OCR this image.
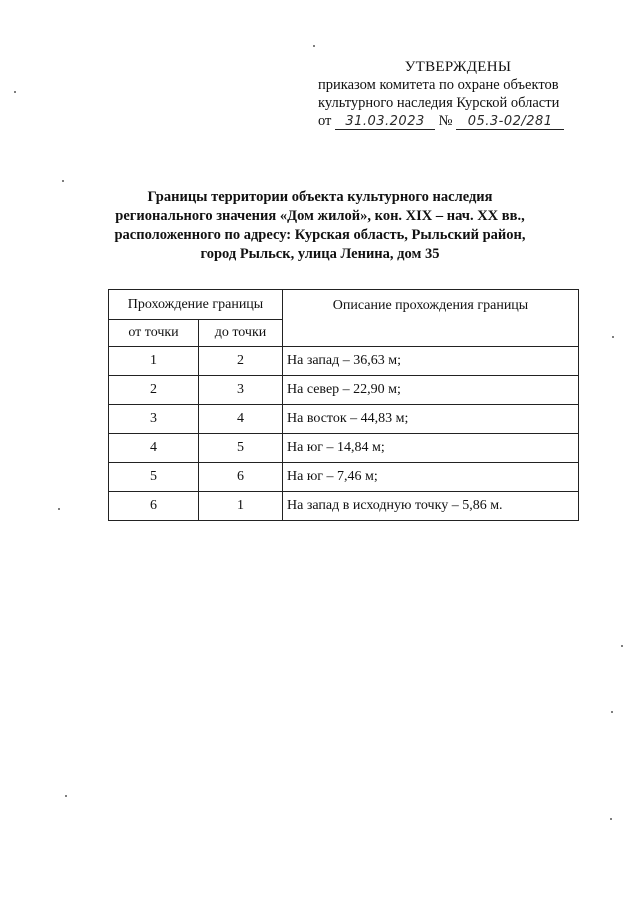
УТВЕРЖДЕНЫ
приказом комитета по охране объектов
культурного наследия Курской области
от 31.03.2023 № 05.3-02/281
Границы территории объекта культурного наследия
регионального значения «Дом жилой», кон. XIX – нач. XX вв.,
расположенного по адресу: Курская область, Рыльский район,
город Рыльск, улица Ленина, дом 35
Прохождение границы		Описание прохождения границы
от точки	до точки	
1	2	На запад – 36,63 м;
2	3	На север – 22,90 м;
3	4	На восток – 44,83 м;
4	5	На юг – 14,84 м;
5	6	На юг – 7,46 м;
6	1	На запад в исходную точку – 5,86 м.
